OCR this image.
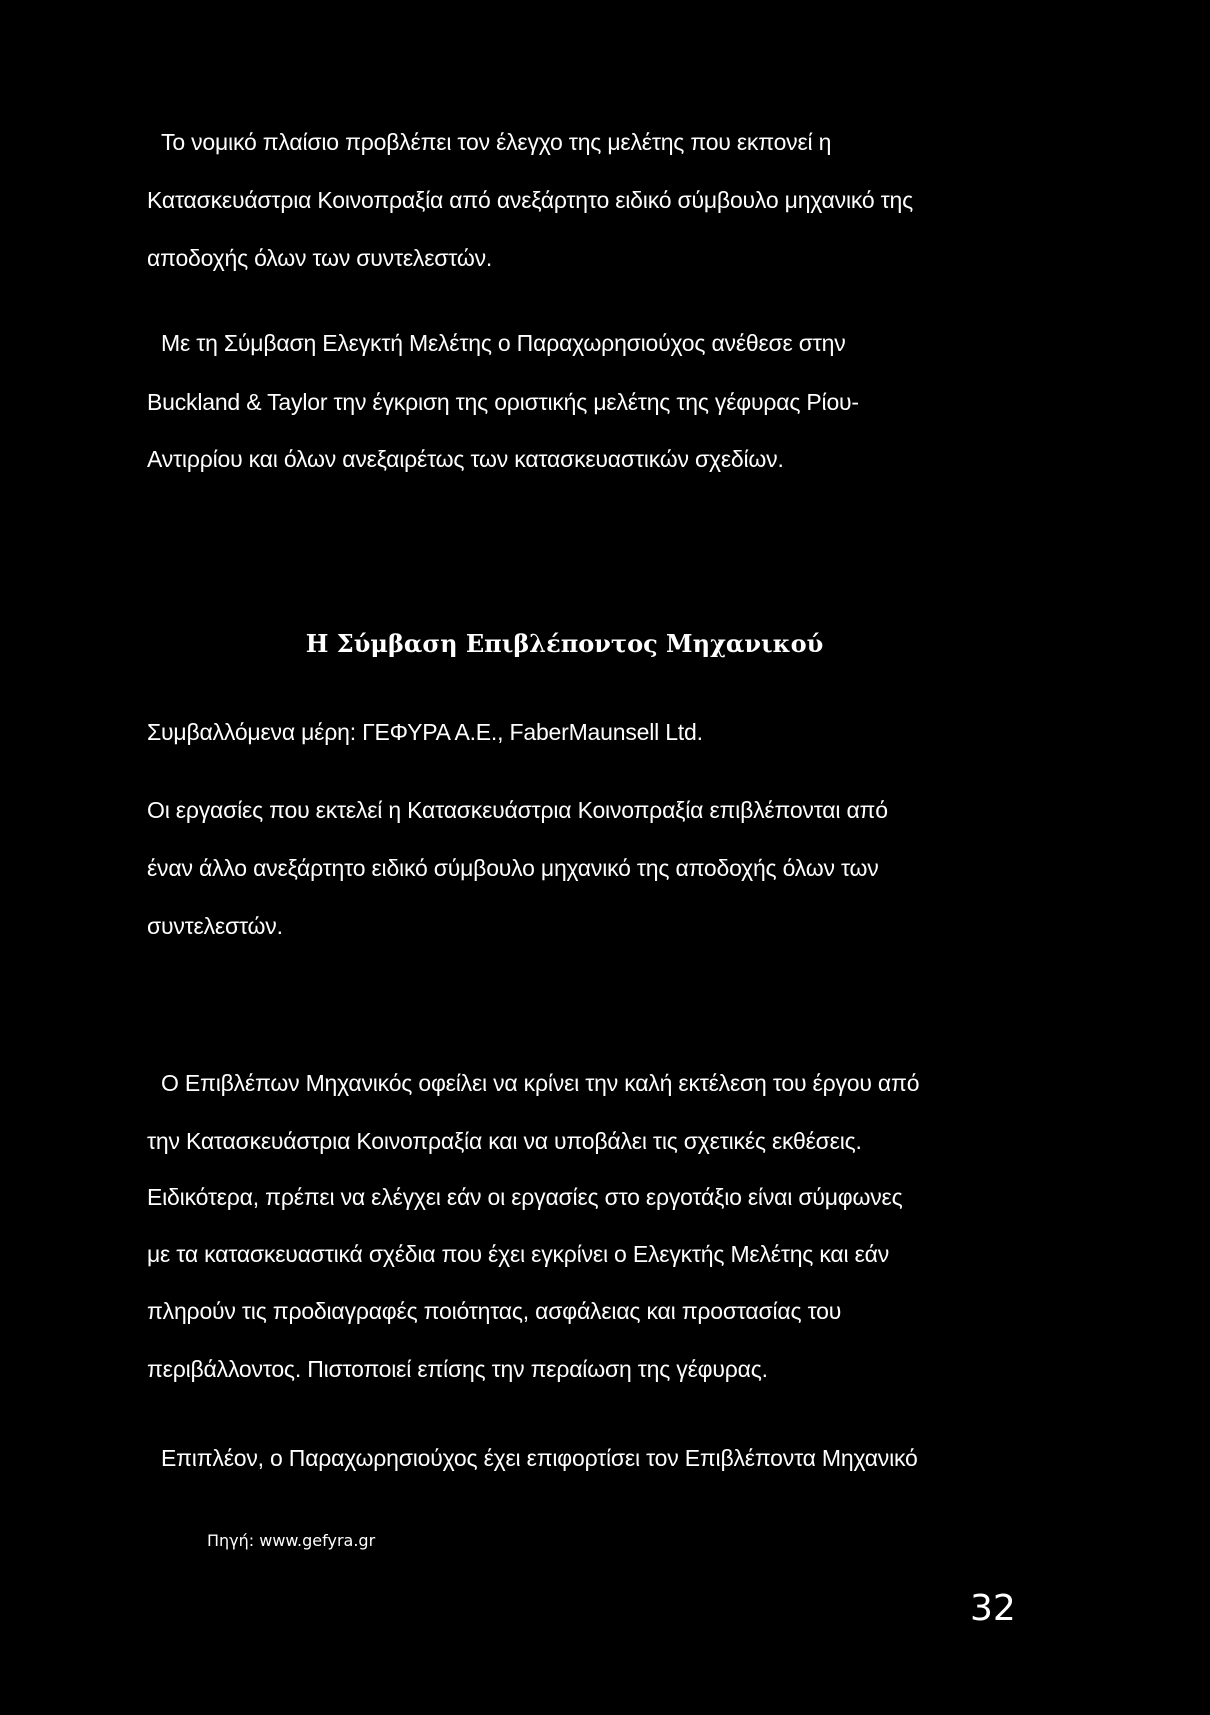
Το νομικό πλαίσιο προβλέπει τον έλεγχο της μελέτης που εκπονεί η
Κατασκευάστρια Κοινοπραξία από ανεξάρτητο ειδικό σύμβουλο μηχανικό της
αποδοχής όλων των συντελεστών.
Με τη Σύμβαση Ελεγκτή Μελέτης ο Παραχωρησιούχος ανέθεσε στην
Buckland & Taylor την έγκριση της οριστικής μελέτης της γέφυρας Ρίου-
Αντιρρίου και όλων ανεξαιρέτως των κατασκευαστικών σχεδίων.
Η Σύμβαση Επιβλέποντος Μηχανικού
Συμβαλλόμενα μέρη: ΓΕΦΥΡΑ Α.Ε., FaberMaunsell Ltd.
Οι εργασίες που εκτελεί η Κατασκευάστρια Κοινοπραξία επιβλέπονται από
έναν άλλο ανεξάρτητο ειδικό σύμβουλο μηχανικό της αποδοχής όλων των
συντελεστών.
Ο Επιβλέπων Μηχανικός οφείλει να κρίνει την καλή εκτέλεση του έργου από
την Κατασκευάστρια Κοινοπραξία και να υποβάλει τις σχετικές εκθέσεις.
Ειδικότερα, πρέπει να ελέγχει εάν οι εργασίες στο εργοτάξιο είναι σύμφωνες
με τα κατασκευαστικά σχέδια που έχει εγκρίνει ο Ελεγκτής Μελέτης και εάν
πληρούν τις προδιαγραφές ποιότητας, ασφάλειας και προστασίας του
περιβάλλοντος. Πιστοποιεί επίσης την περαίωση της γέφυρας.
Επιπλέον, ο Παραχωρησιούχος έχει επιφορτίσει τον Επιβλέποντα Μηχανικό
Πηγή: www.gefyra.gr
32
